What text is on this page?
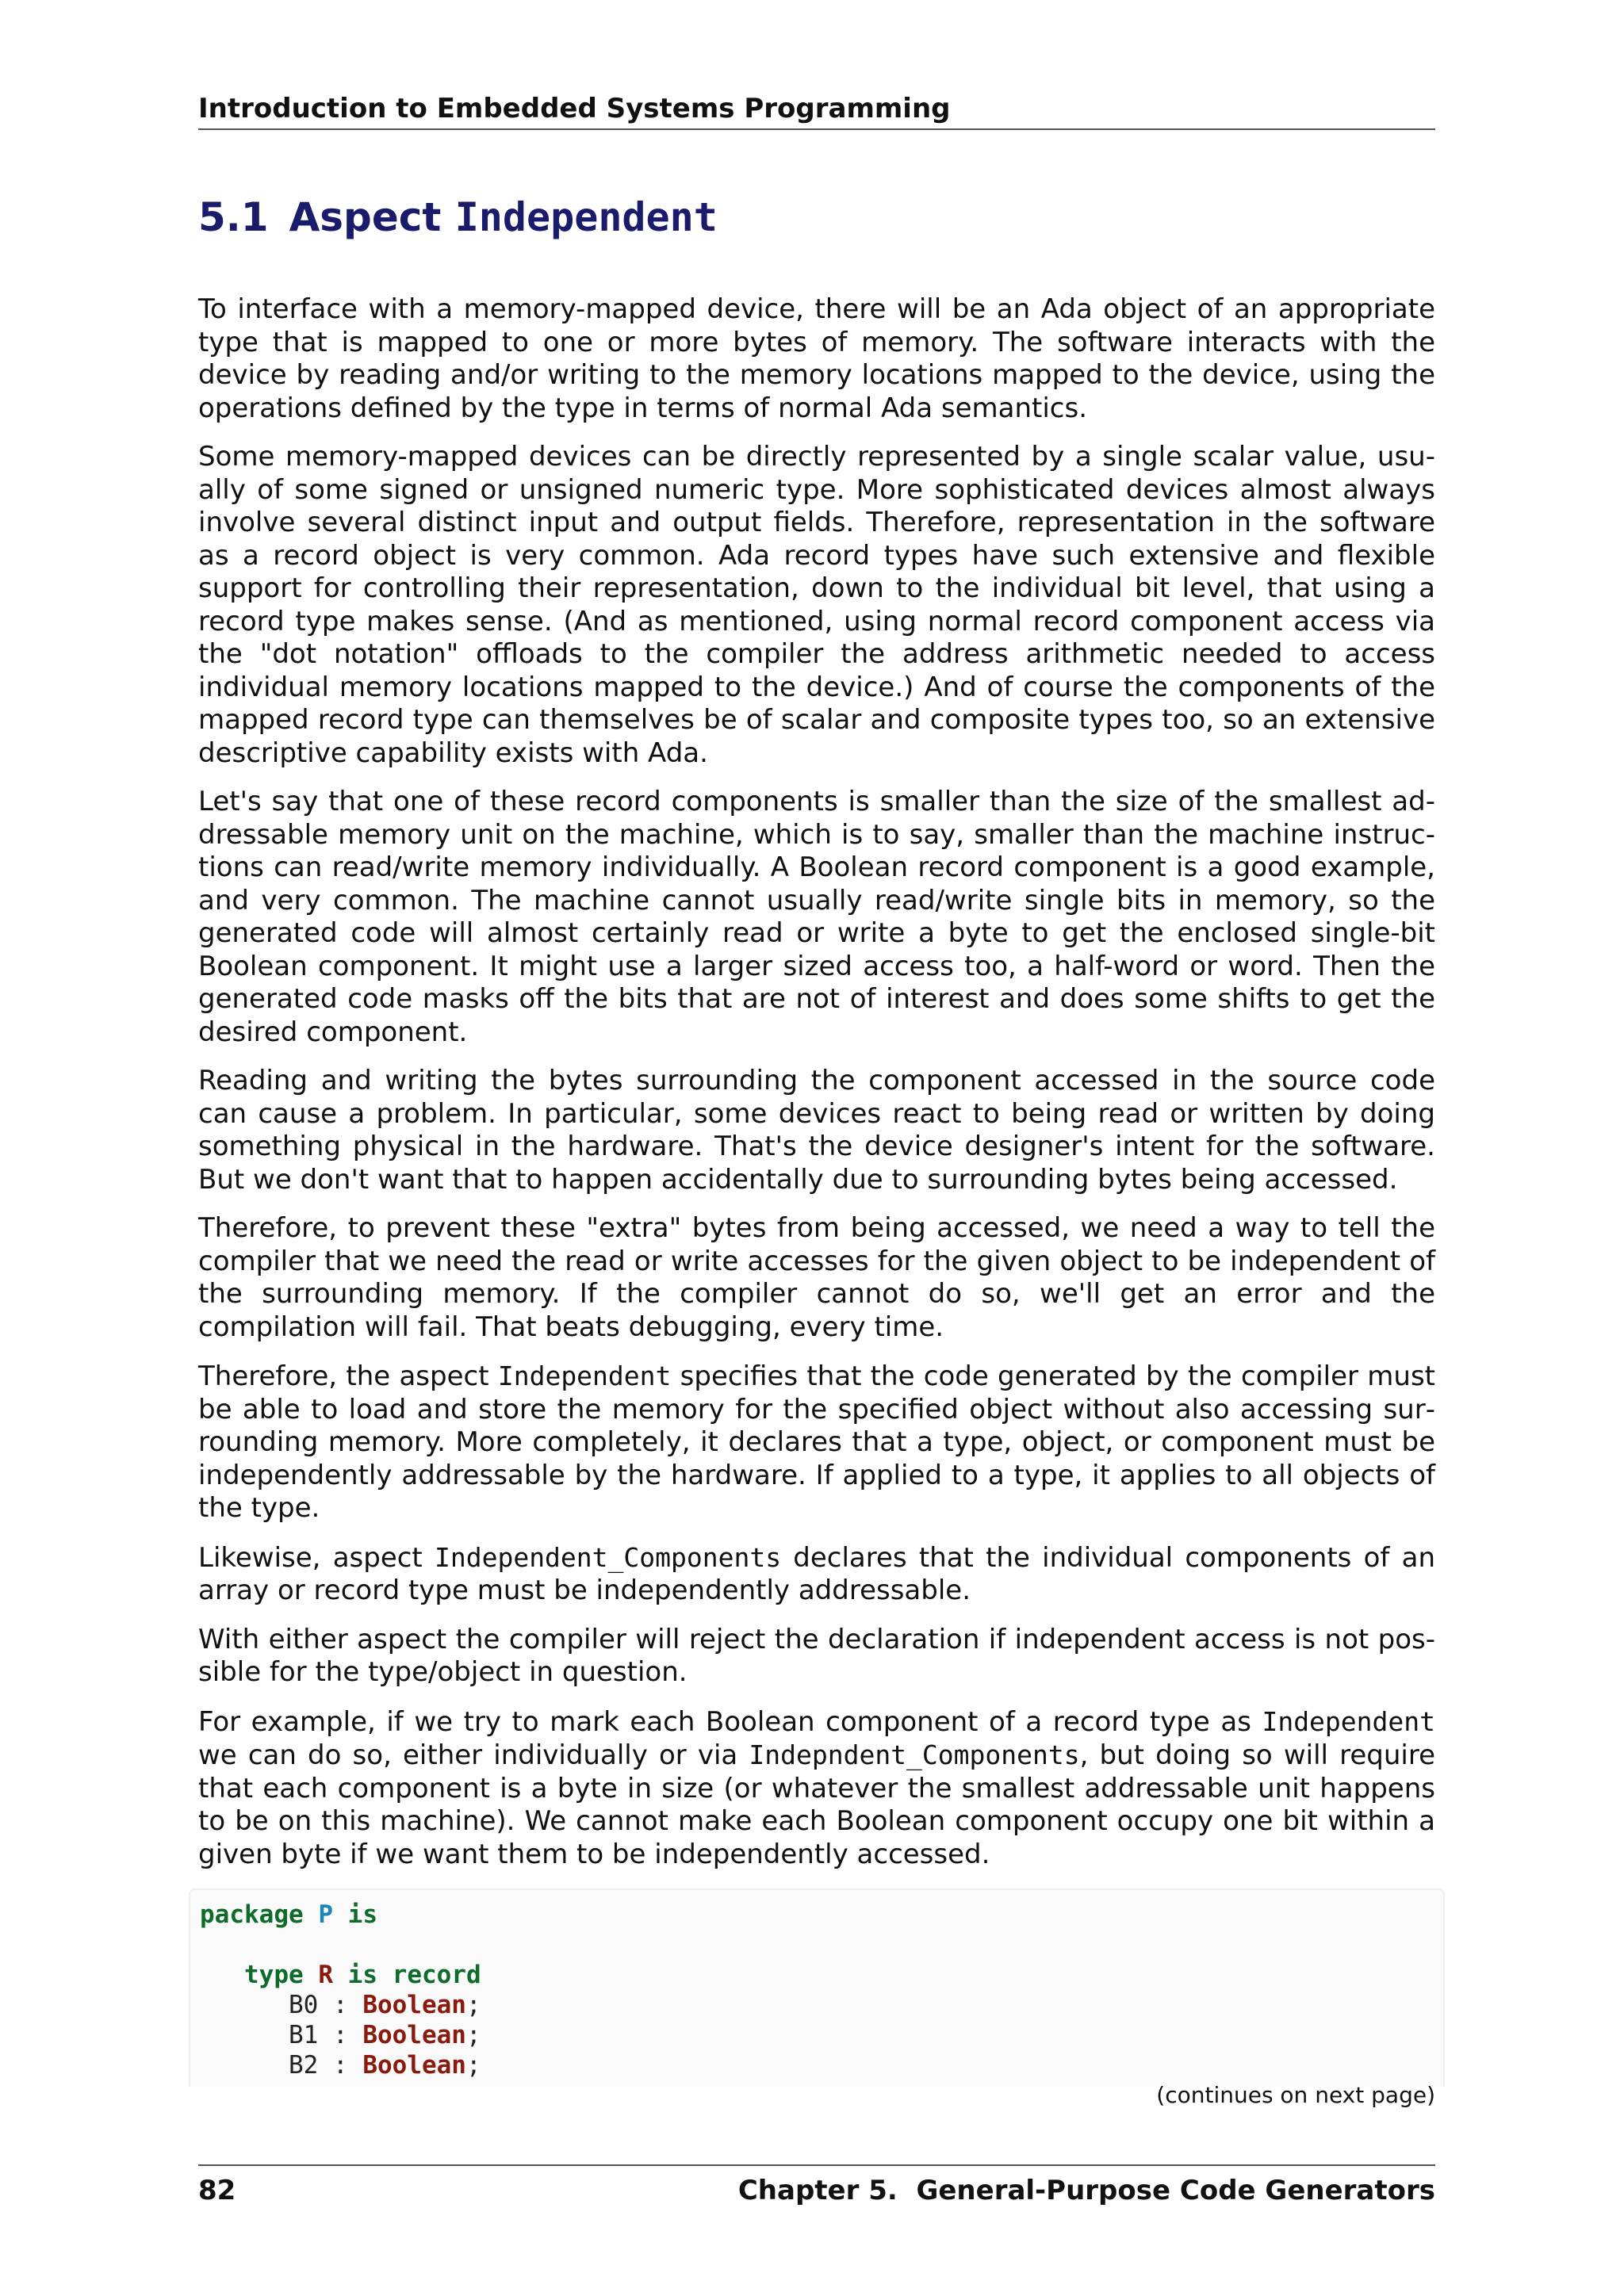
Introduction to Embedded Systems Programming
5.1 Aspect Independent

To interface with a memory-mapped device, there will be an Ada object of an appropriate type that is mapped to one or more bytes of memory. The software interacts with the device by reading and/or writing to the memory locations mapped to the device, using the operations defined by the type in terms of normal Ada semantics.

Some memory-mapped devices can be directly represented by a single scalar value, usually of some signed or unsigned numeric type. More sophisticated devices almost always involve several distinct input and output fields. Therefore, representation in the software as a record object is very common. Ada record types have such extensive and flexible support for controlling their representation, down to the individual bit level, that using a record type makes sense. (And as mentioned, using normal record component access via the "dot notation" offloads to the compiler the address arithmetic needed to access individual memory locations mapped to the device.) And of course the components of the mapped record type can themselves be of scalar and composite types too, so an extensive descriptive capability exists with Ada.

Let's say that one of these record components is smaller than the size of the smallest addressable memory unit on the machine, which is to say, smaller than the machine instructions can read/write memory individually. A Boolean record component is a good example, and very common. The machine cannot usually read/write single bits in memory, so the generated code will almost certainly read or write a byte to get the enclosed single-bit Boolean component. It might use a larger sized access too, a half-word or word. Then the generated code masks off the bits that are not of interest and does some shifts to get the desired component.

Reading and writing the bytes surrounding the component accessed in the source code can cause a problem. In particular, some devices react to being read or written by doing something physical in the hardware. That's the device designer's intent for the software. But we don't want that to happen accidentally due to surrounding bytes being accessed.

Therefore, to prevent these "extra" bytes from being accessed, we need a way to tell the compiler that we need the read or write accesses for the given object to be independent of the surrounding memory. If the compiler cannot do so, we'll get an error and the compilation will fail. That beats debugging, every time.

Therefore, the aspect Independent specifies that the code generated by the compiler must be able to load and store the memory for the specified object without also accessing surrounding memory. More completely, it declares that a type, object, or component must be independently addressable by the hardware. If applied to a type, it applies to all objects of the type.

Likewise, aspect Independent_Components declares that the individual components of an array or record type must be independently addressable.

With either aspect the compiler will reject the declaration if independent access is not possible for the type/object in question.

For example, if we try to mark each Boolean component of a record type as Independent we can do so, either individually or via Indepndent_Components, but doing so will require that each component is a byte in size (or whatever the smallest addressable unit happens to be on this machine). We cannot make each Boolean component occupy one bit within a given byte if we want them to be independently accessed.

package P is

type R is record
B0 : Boolean;
B1 : Boolean;
B2 : Boolean;
(continues on next page)
82	Chapter 5.  General-Purpose Code Generators
